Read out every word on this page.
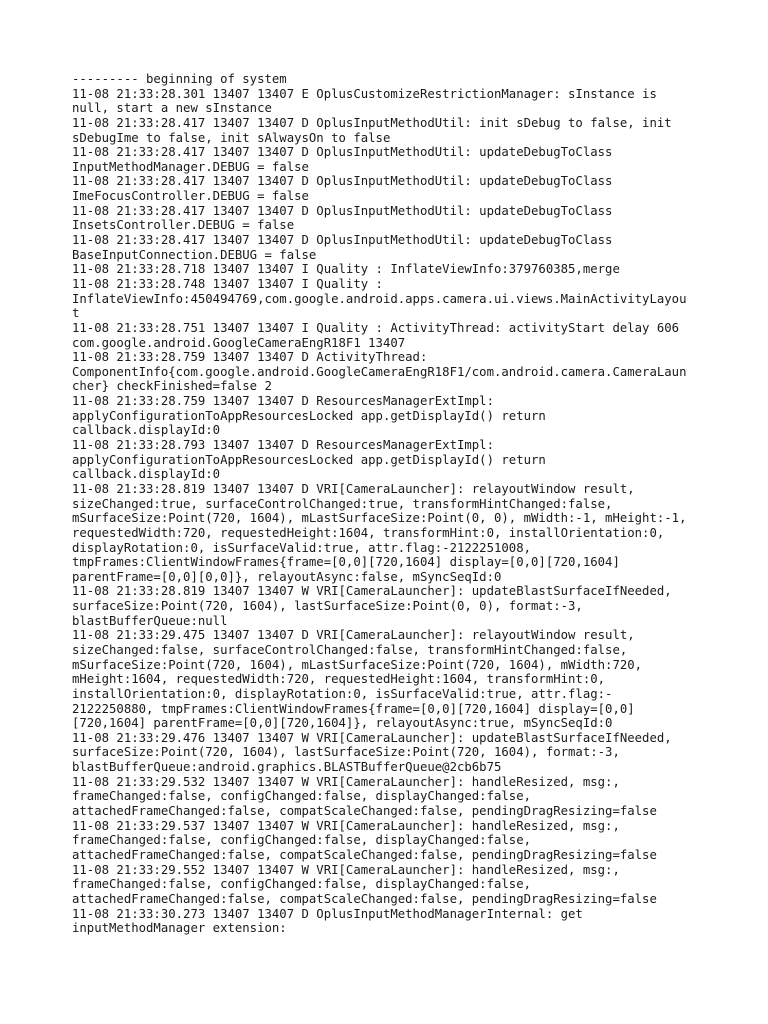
--------- beginning of system
11-08 21:33:28.301 13407 13407 E OplusCustomizeRestrictionManager: sInstance is
null, start a new sInstance
11-08 21:33:28.417 13407 13407 D OplusInputMethodUtil: init sDebug to false, init
sDebugIme to false, init sAlwaysOn to false
11-08 21:33:28.417 13407 13407 D OplusInputMethodUtil: updateDebugToClass
InputMethodManager.DEBUG = false
11-08 21:33:28.417 13407 13407 D OplusInputMethodUtil: updateDebugToClass
ImeFocusController.DEBUG = false
11-08 21:33:28.417 13407 13407 D OplusInputMethodUtil: updateDebugToClass
InsetsController.DEBUG = false
11-08 21:33:28.417 13407 13407 D OplusInputMethodUtil: updateDebugToClass
BaseInputConnection.DEBUG = false
11-08 21:33:28.718 13407 13407 I Quality : InflateViewInfo:379760385,merge
11-08 21:33:28.748 13407 13407 I Quality :
InflateViewInfo:450494769,com.google.android.apps.camera.ui.views.MainActivityLayou
t
11-08 21:33:28.751 13407 13407 I Quality : ActivityThread: activityStart delay 606
com.google.android.GoogleCameraEngR18F1 13407
11-08 21:33:28.759 13407 13407 D ActivityThread:
ComponentInfo{com.google.android.GoogleCameraEngR18F1/com.android.camera.CameraLaun
cher} checkFinished=false 2
11-08 21:33:28.759 13407 13407 D ResourcesManagerExtImpl:
applyConfigurationToAppResourcesLocked app.getDisplayId() return
callback.displayId:0
11-08 21:33:28.793 13407 13407 D ResourcesManagerExtImpl:
applyConfigurationToAppResourcesLocked app.getDisplayId() return
callback.displayId:0
11-08 21:33:28.819 13407 13407 D VRI[CameraLauncher]: relayoutWindow result,
sizeChanged:true, surfaceControlChanged:true, transformHintChanged:false,
mSurfaceSize:Point(720, 1604), mLastSurfaceSize:Point(0, 0), mWidth:-1, mHeight:-1,
requestedWidth:720, requestedHeight:1604, transformHint:0, installOrientation:0,
displayRotation:0, isSurfaceValid:true, attr.flag:-2122251008,
tmpFrames:ClientWindowFrames{frame=[0,0][720,1604] display=[0,0][720,1604]
parentFrame=[0,0][0,0]}, relayoutAsync:false, mSyncSeqId:0
11-08 21:33:28.819 13407 13407 W VRI[CameraLauncher]: updateBlastSurfaceIfNeeded,
surfaceSize:Point(720, 1604), lastSurfaceSize:Point(0, 0), format:-3,
blastBufferQueue:null
11-08 21:33:29.475 13407 13407 D VRI[CameraLauncher]: relayoutWindow result,
sizeChanged:false, surfaceControlChanged:false, transformHintChanged:false,
mSurfaceSize:Point(720, 1604), mLastSurfaceSize:Point(720, 1604), mWidth:720,
mHeight:1604, requestedWidth:720, requestedHeight:1604, transformHint:0,
installOrientation:0, displayRotation:0, isSurfaceValid:true, attr.flag:-
2122250880, tmpFrames:ClientWindowFrames{frame=[0,0][720,1604] display=[0,0]
[720,1604] parentFrame=[0,0][720,1604]}, relayoutAsync:true, mSyncSeqId:0
11-08 21:33:29.476 13407 13407 W VRI[CameraLauncher]: updateBlastSurfaceIfNeeded,
surfaceSize:Point(720, 1604), lastSurfaceSize:Point(720, 1604), format:-3,
blastBufferQueue:android.graphics.BLASTBufferQueue@2cb6b75
11-08 21:33:29.532 13407 13407 W VRI[CameraLauncher]: handleResized, msg:,
frameChanged:false, configChanged:false, displayChanged:false,
attachedFrameChanged:false, compatScaleChanged:false, pendingDragResizing=false
11-08 21:33:29.537 13407 13407 W VRI[CameraLauncher]: handleResized, msg:,
frameChanged:false, configChanged:false, displayChanged:false,
attachedFrameChanged:false, compatScaleChanged:false, pendingDragResizing=false
11-08 21:33:29.552 13407 13407 W VRI[CameraLauncher]: handleResized, msg:,
frameChanged:false, configChanged:false, displayChanged:false,
attachedFrameChanged:false, compatScaleChanged:false, pendingDragResizing=false
11-08 21:33:30.273 13407 13407 D OplusInputMethodManagerInternal: get
inputMethodManager extension:
